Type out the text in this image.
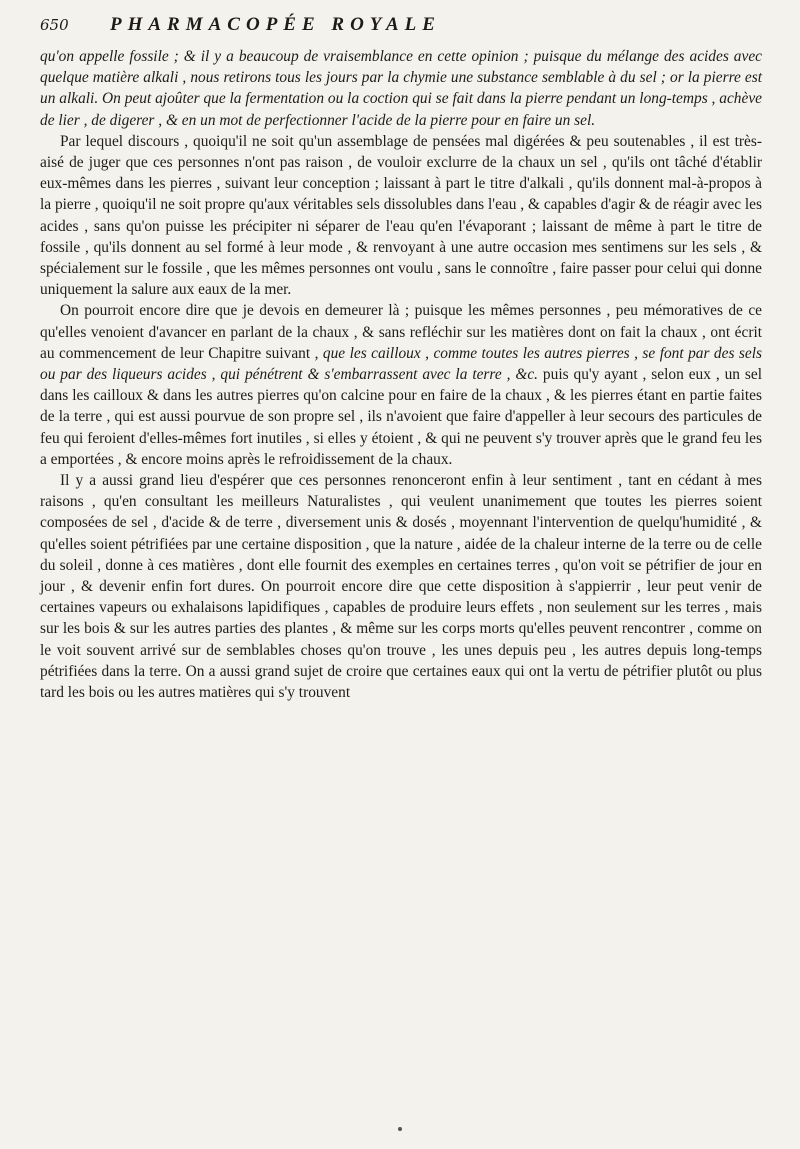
650	PHARMACOPÉE ROYALE

qu'on appelle fossile ; & il y a beaucoup de vraisemblance en cette opinion ; puisque du mélange des acides avec quelque matière alkali , nous retirons tous les jours par la chymie une substance semblable à du sel ; or la pierre est un alkali. On peut ajoûter que la fermentation ou la coction qui se fait dans la pierre pendant un long-temps , achève de lier , de digerer , & en un mot de perfectionner l'acide de la pierre pour en faire un sel.

Par lequel discours , quoiqu'il ne soit qu'un assemblage de pensées mal digérées & peu soutenables , il est très-aisé de juger que ces personnes n'ont pas raison , de vouloir exclurre de la chaux un sel , qu'ils ont tâché d'établir eux-mêmes dans les pierres , suivant leur conception ; laissant à part le titre d'alkali , qu'ils donnent mal-à-propos à la pierre , quoiqu'il ne soit propre qu'aux véritables sels dissolubles dans l'eau , & capables d'agir & de réagir avec les acides , sans qu'on puisse les précipiter ni séparer de l'eau qu'en l'évaporant ; laissant de même à part le titre de fossile , qu'ils donnent au sel formé à leur mode , & renvoyant à une autre occasion mes sentimens sur les sels , & spécialement sur le fossile , que les mêmes personnes ont voulu , sans le connoître , faire passer pour celui qui donne uniquement la salure aux eaux de la mer.

On pourroit encore dire que je devois en demeurer là ; puisque les mêmes personnes , peu mémoratives de ce qu'elles venoient d'avancer en parlant de la chaux , & sans refléchir sur les matières dont on fait la chaux , ont écrit au commencement de leur Chapitre suivant , que les cailloux , comme toutes les autres pierres , se font par des sels ou par des liqueurs acides , qui pénétrent & s'embarrassent avec la terre , &c. puis qu'y ayant , selon eux , un sel dans les cailloux & dans les autres pierres qu'on calcine pour en faire de la chaux , & les pierres étant en partie faites de la terre , qui est aussi pourvue de son propre sel , ils n'avoient que faire d'appeller à leur secours des particules de feu qui feroient d'elles-mêmes fort inutiles , si elles y étoient , & qui ne peuvent s'y trouver après que le grand feu les a emportées , & encore moins après le refroidissement de la chaux.

Il y a aussi grand lieu d'espérer que ces personnes renonceront enfin à leur sentiment , tant en cédant à mes raisons , qu'en consultant les meilleurs Naturalistes , qui veulent unanimement que toutes les pierres soient composées de sel , d'acide & de terre , diversement unis & dosés , moyennant l'intervention de quelqu'humidité , & qu'elles soient pétrifiées par une certaine disposition , que la nature , aidée de la chaleur interne de la terre ou de celle du soleil , donne à ces matières , dont elle fournit des exemples en certaines terres , qu'on voit se pétrifier de jour en jour , & devenir enfin fort dures. On pourroit encore dire que cette disposition à s'appierrir , leur peut venir de certaines vapeurs ou exhalaisons lapidifiques , capables de produire leurs effets , non seulement sur les terres , mais sur les bois & sur les autres parties des plantes , & même sur les corps morts qu'elles peuvent rencontrer , comme on le voit souvent arrivé sur de semblables choses qu'on trouve , les unes depuis peu , les autres depuis long-temps pétrifiées dans la terre. On a aussi grand sujet de croire que certaines eaux qui ont la vertu de pétrifier plutôt ou plus tard les bois ou les autres matières qui s'y trouvent
